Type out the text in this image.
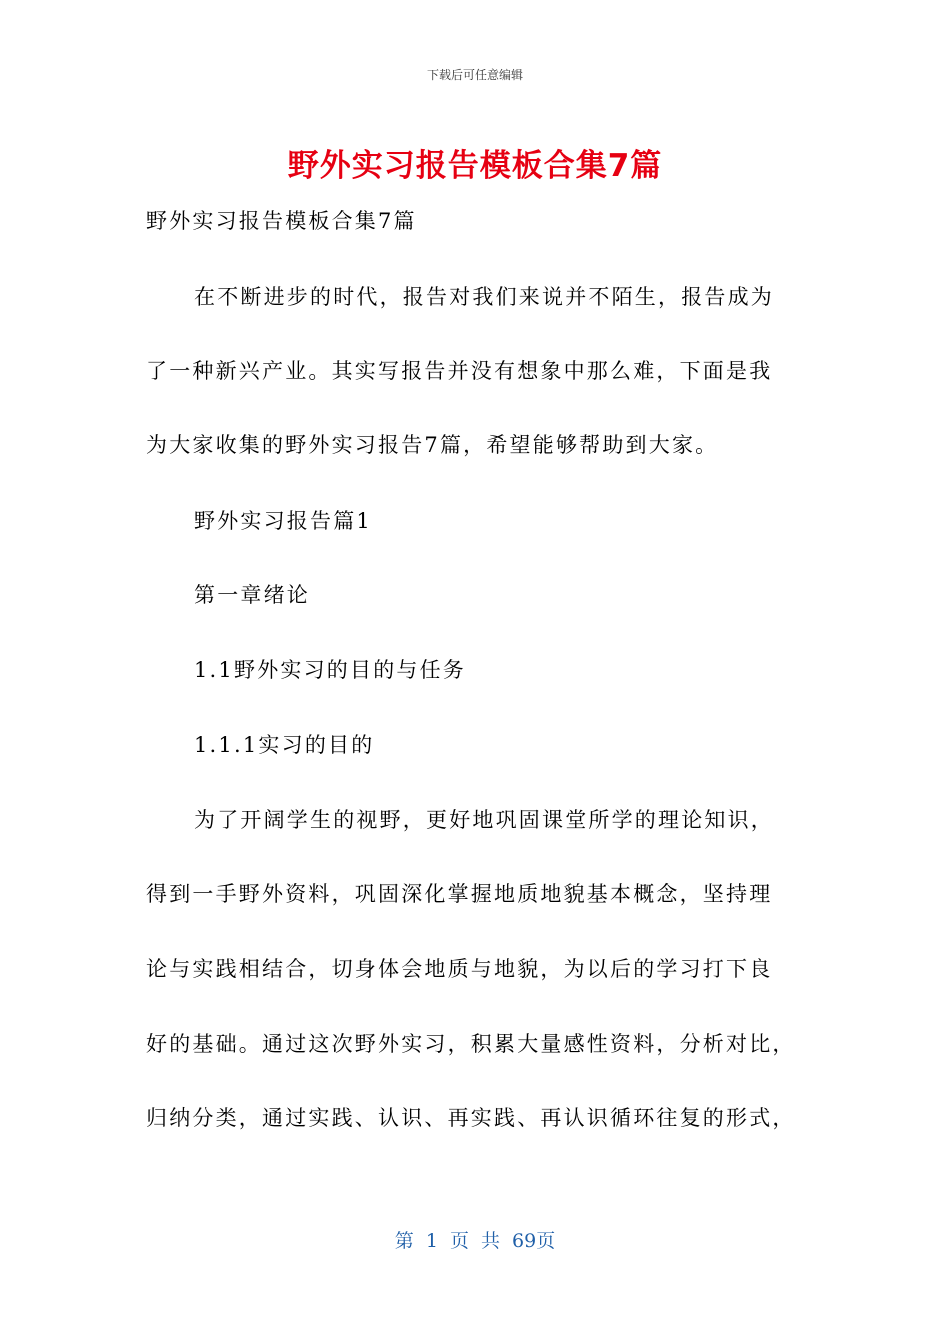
下载后可任意编辑
野外实习报告模板合集7篇
野外实习报告模板合集7篇
在不断进步的时代，报告对我们来说并不陌生，报告成为
了一种新兴产业。其实写报告并没有想象中那么难，下面是我
为大家收集的野外实习报告7篇，希望能够帮助到大家。
野外实习报告篇1
第一章绪论
1.1野外实习的目的与任务
1.1.1实习的目的
为了开阔学生的视野，更好地巩固课堂所学的理论知识，
得到一手野外资料，巩固深化掌握地质地貌基本概念，坚持理
论与实践相结合，切身体会地质与地貌，为以后的学习打下良
好的基础。通过这次野外实习，积累大量感性资料，分析对比，
归纳分类，通过实践、认识、再实践、再认识循环往复的形式，
第 1 页 共 69页
